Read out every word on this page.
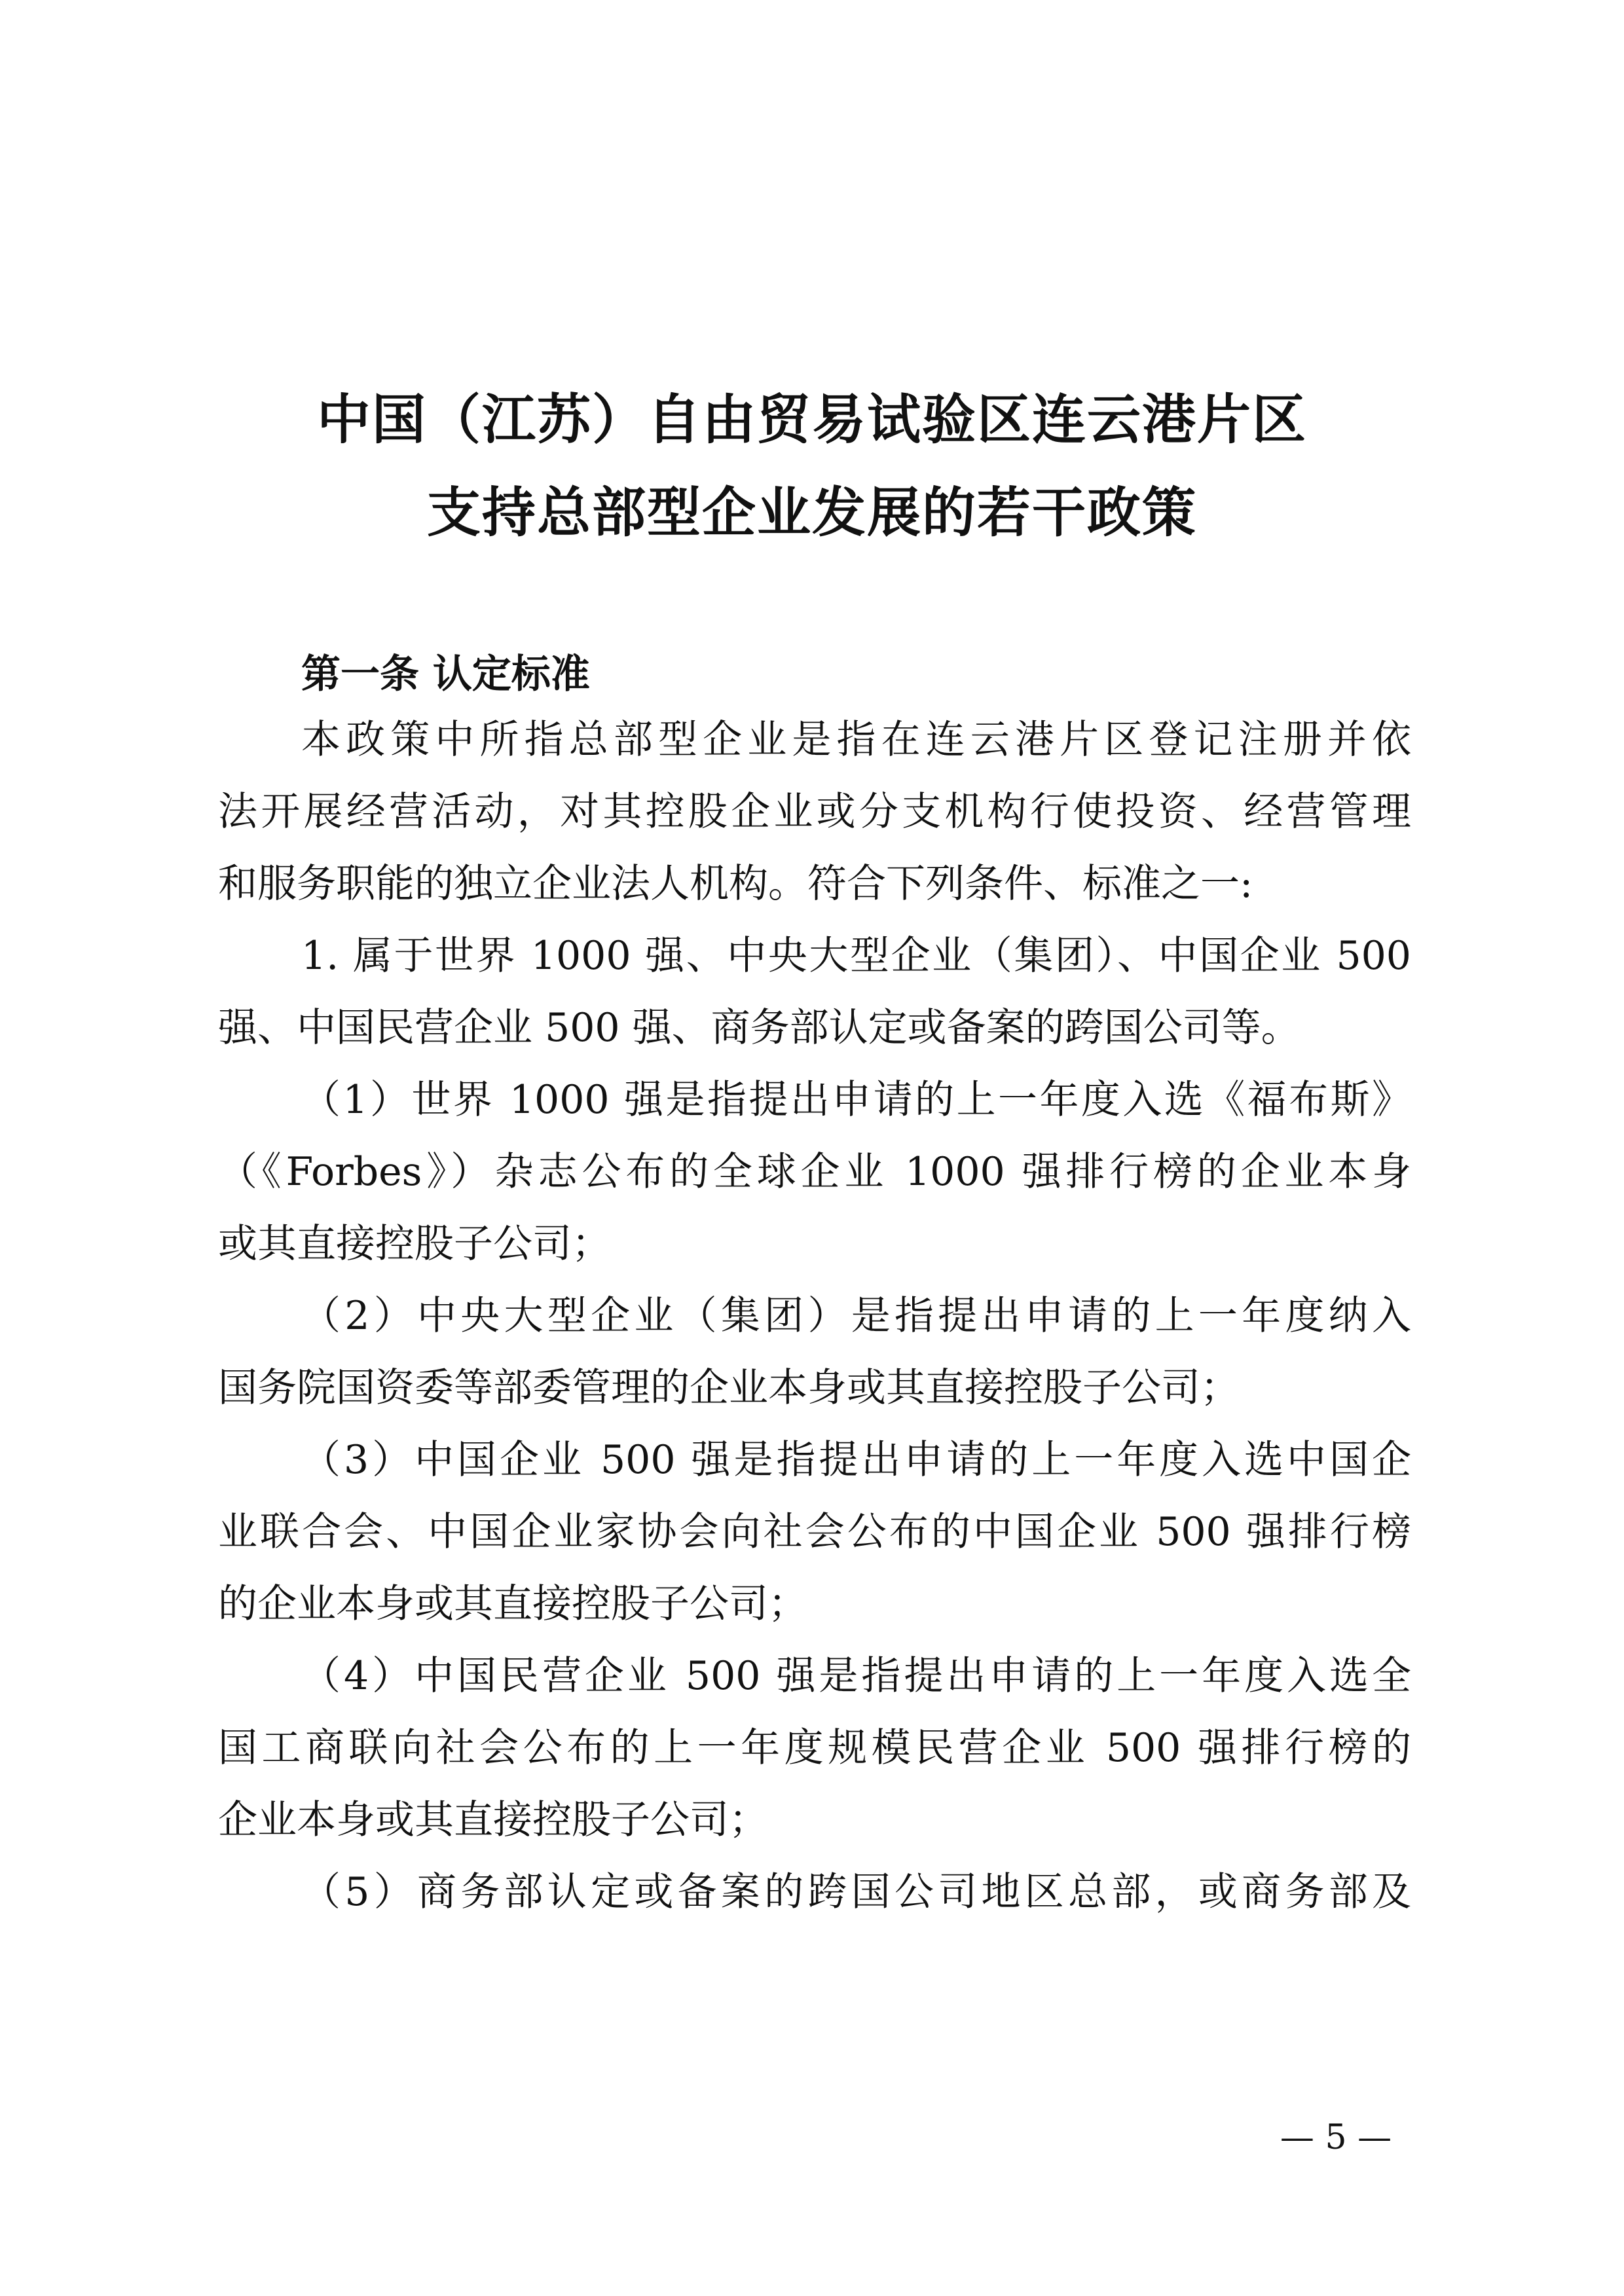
中国（江苏）自由贸易试验区连云港片区
支持总部型企业发展的若干政策
第一条 认定标准
本政策中所指总部型企业是指在连云港片区登记注册并依
法开展经营活动，对其控股企业或分支机构行使投资、经营管理
和服务职能的独立企业法人机构。符合下列条件、标准之一:
1. 属于世界 1000 强、中央大型企业（集团）、中国企业 500
强、中国民营企业 500 强、商务部认定或备案的跨国公司等。
（1）世界 1000 强是指提出申请的上一年度入选《福布斯》
（《Forbes》）杂志公布的全球企业 1000 强排行榜的企业本身
或其直接控股子公司；
（2）中央大型企业（集团）是指提出申请的上一年度纳入
国务院国资委等部委管理的企业本身或其直接控股子公司；
（3）中国企业 500 强是指提出申请的上一年度入选中国企
业联合会、中国企业家协会向社会公布的中国企业 500 强排行榜
的企业本身或其直接控股子公司；
（4）中国民营企业 500 强是指提出申请的上一年度入选全
国工商联向社会公布的上一年度规模民营企业 500 强排行榜的
企业本身或其直接控股子公司；
（5）商务部认定或备案的跨国公司地区总部，或商务部及
— 5 —
